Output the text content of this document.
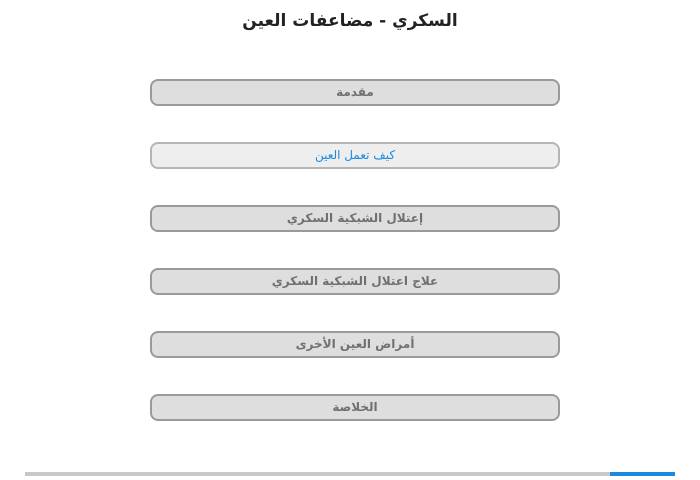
السكري - مضاعفات العين
مقدمة
كيف تعمل العين
إعتلال الشبكية السكري
علاج اعتلال الشبكية السكري
أمراض العين الأخرى
الخلاصة
